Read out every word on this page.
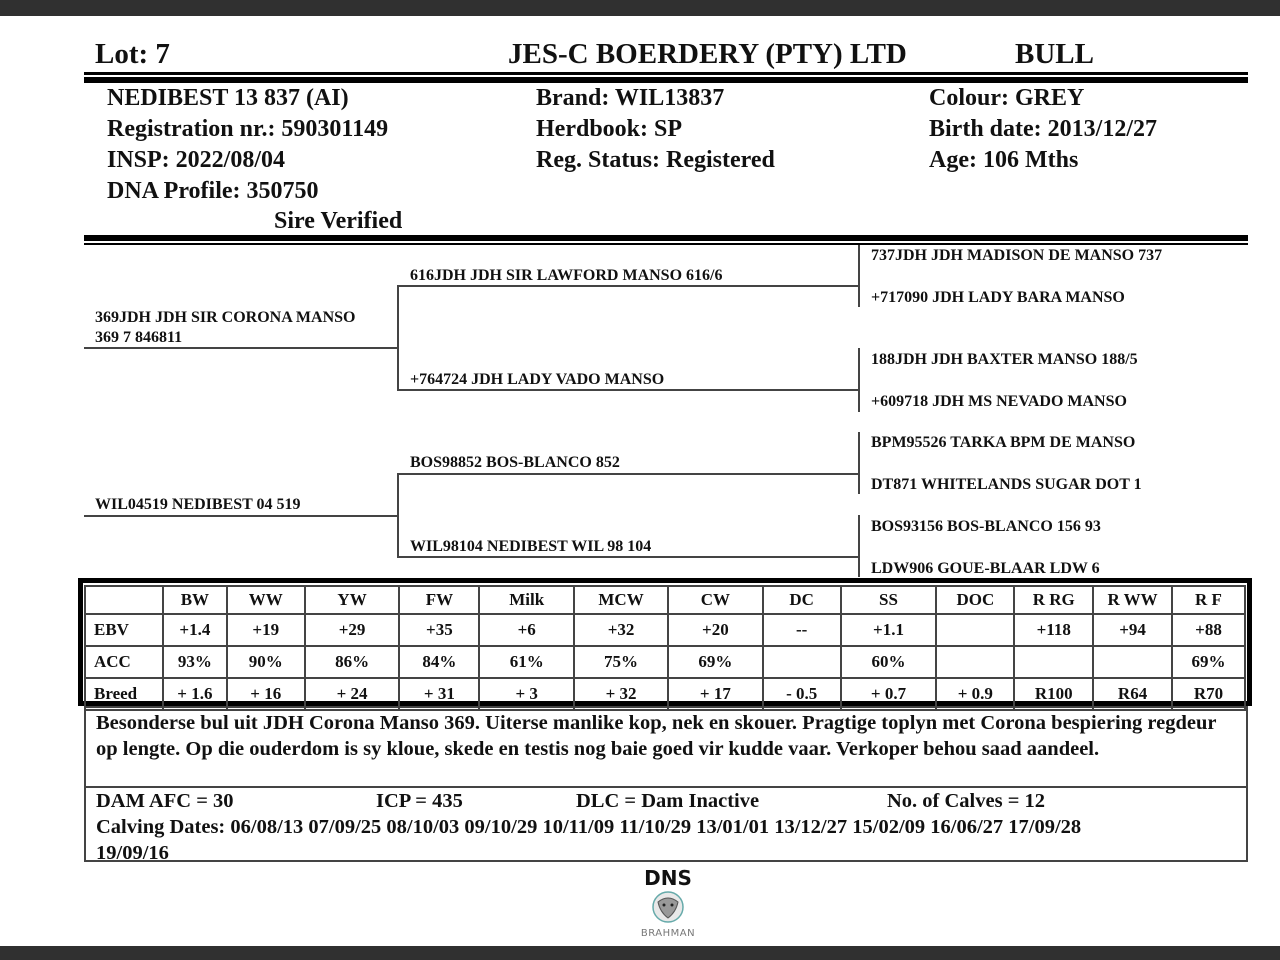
Lot: 7	JES-C BOERDERY (PTY) LTD	BULL
NEDIBEST 13 837 (AI)
Registration nr.: 590301149
INSP: 2022/08/04
DNA Profile: 350750
Sire Verified
Brand: WIL13837
Herdbook: SP
Reg. Status: Registered
Colour: GREY
Birth date: 2013/12/27
Age: 106 Mths
369JDH JDH SIR CORONA MANSO
369 7 846811
WIL04519 NEDIBEST 04 519
616JDH JDH SIR LAWFORD MANSO 616/6
+764724 JDH LADY VADO MANSO
BOS98852 BOS-BLANCO 852
WIL98104 NEDIBEST WIL 98 104
737JDH JDH MADISON DE MANSO 737
+717090 JDH LADY BARA MANSO
188JDH JDH BAXTER MANSO 188/5
+609718 JDH MS NEVADO MANSO
BPM95526 TARKA BPM DE MANSO
DT871 WHITELANDS SUGAR DOT 1
BOS93156 BOS-BLANCO 156 93
LDW906 GOUE-BLAAR LDW 6
	BW	WW	YW	FW	Milk	MCW	CW	DC	SS	DOC	R RG	R WW	R F
EBV	+1.4	+19	+29	+35	+6	+32	+20	--	+1.1		+118	+94	+88
ACC	93%	90%	86%	84%	61%	75%	69%		60%				69%
Breed	+ 1.6	+ 16	+ 24	+ 31	+ 3	+ 32	+ 17	- 0.5	+ 0.7	+ 0.9	R100	R64	R70
Besonderse bul uit JDH Corona Manso 369. Uiterse manlike kop, nek en skouer. Pragtige toplyn met Corona bespiering regdeur op lengte. Op die ouderdom is sy kloue, skede en testis nog baie goed vir kudde vaar. Verkoper behou saad aandeel.
DAM AFC = 30	ICP = 435	DLC = Dam Inactive	No. of Calves = 12
Calving Dates: 06/08/13 07/09/25 08/10/03 09/10/29 10/11/09 11/10/29 13/01/01 13/12/27 15/02/09 16/06/27 17/09/28
19/09/16
DNS
BRAHMAN
